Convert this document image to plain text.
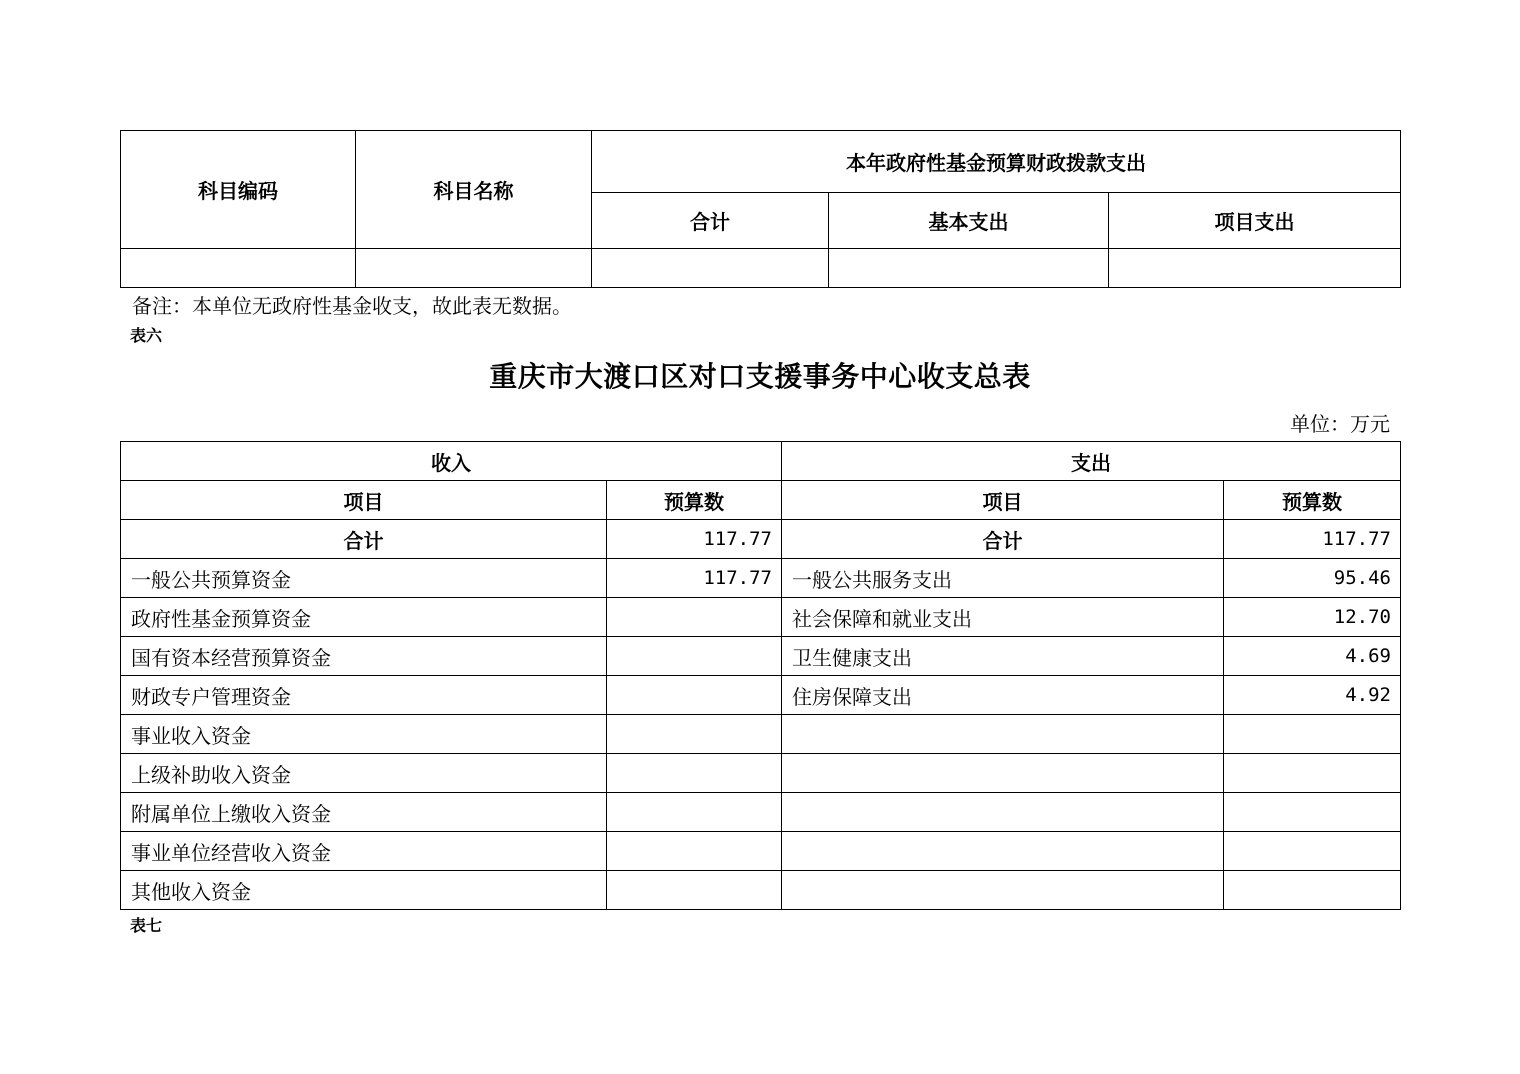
科目编码	科目名称	本年政府性基金预算财政拨款支出		
		合计	基本支出	项目支出

备注：本单位无政府性基金收支，故此表无数据。
表六
重庆市大渡口区对口支援事务中心收支总表
单位：万元
收入		支出	
项目	预算数	项目	预算数
合计	117.77	合计	117.77
一般公共预算资金	117.77	一般公共服务支出	95.46
政府性基金预算资金		社会保障和就业支出	12.70
国有资本经营预算资金		卫生健康支出	4.69
财政专户管理资金		住房保障支出	4.92
事业收入资金			
上级补助收入资金			
附属单位上缴收入资金			
事业单位经营收入资金			
其他收入资金			
表七
